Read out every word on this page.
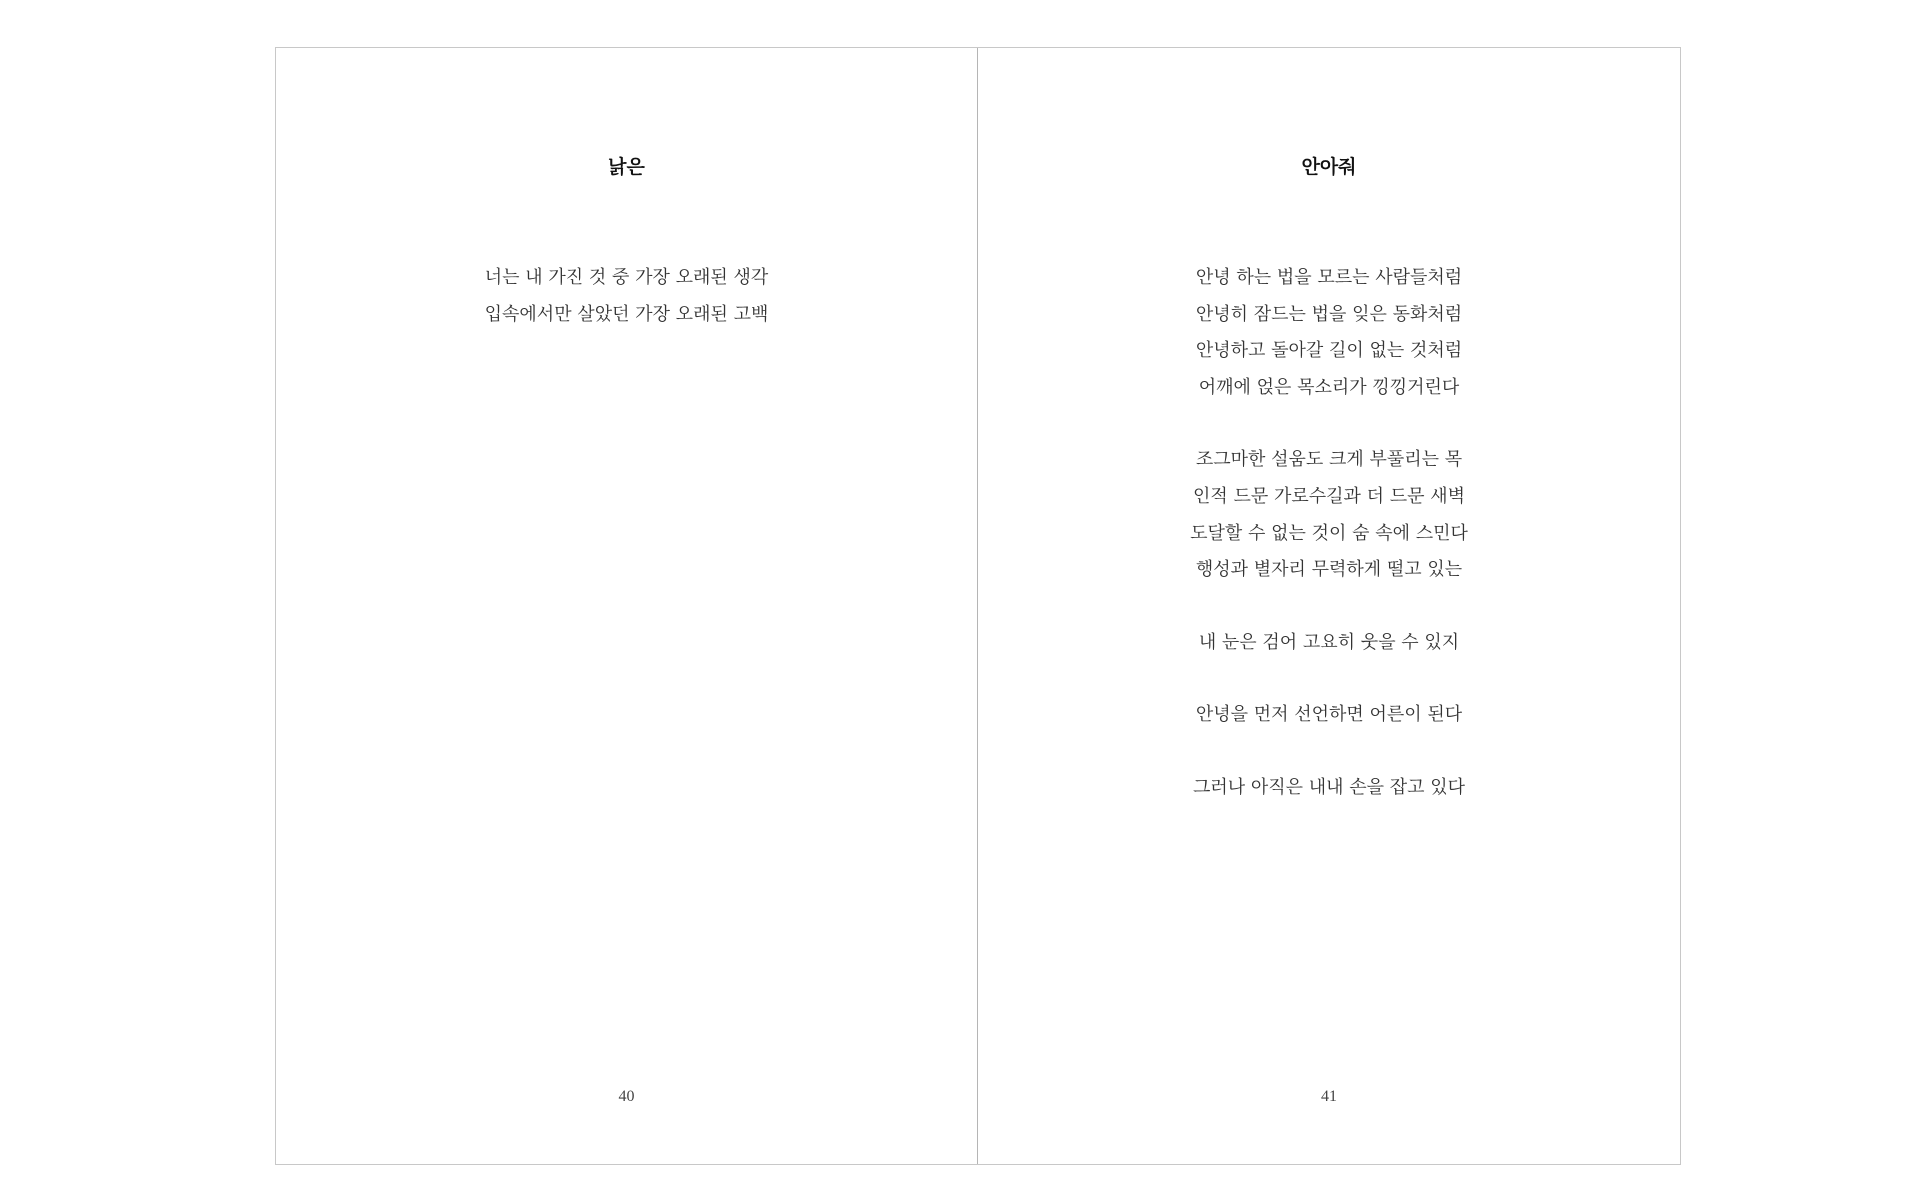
낡은
너는 내 가진 것 중 가장 오래된 생각
입속에서만 살았던 가장 오래된 고백
40
안아줘
안녕 하는 법을 모르는 사람들처럼
안녕히 잠드는 법을 잊은 동화처럼
안녕하고 돌아갈 길이 없는 것처럼
어깨에 얹은 목소리가 낑낑거린다
조그마한 설움도 크게 부풀리는 목
인적 드문 가로수길과 더 드문 새벽
도달할 수 없는 것이 숨 속에 스민다
행성과 별자리 무력하게 떨고 있는
내 눈은 검어 고요히 웃을 수 있지
안녕을 먼저 선언하면 어른이 된다
그러나 아직은 내내 손을 잡고 있다
41
